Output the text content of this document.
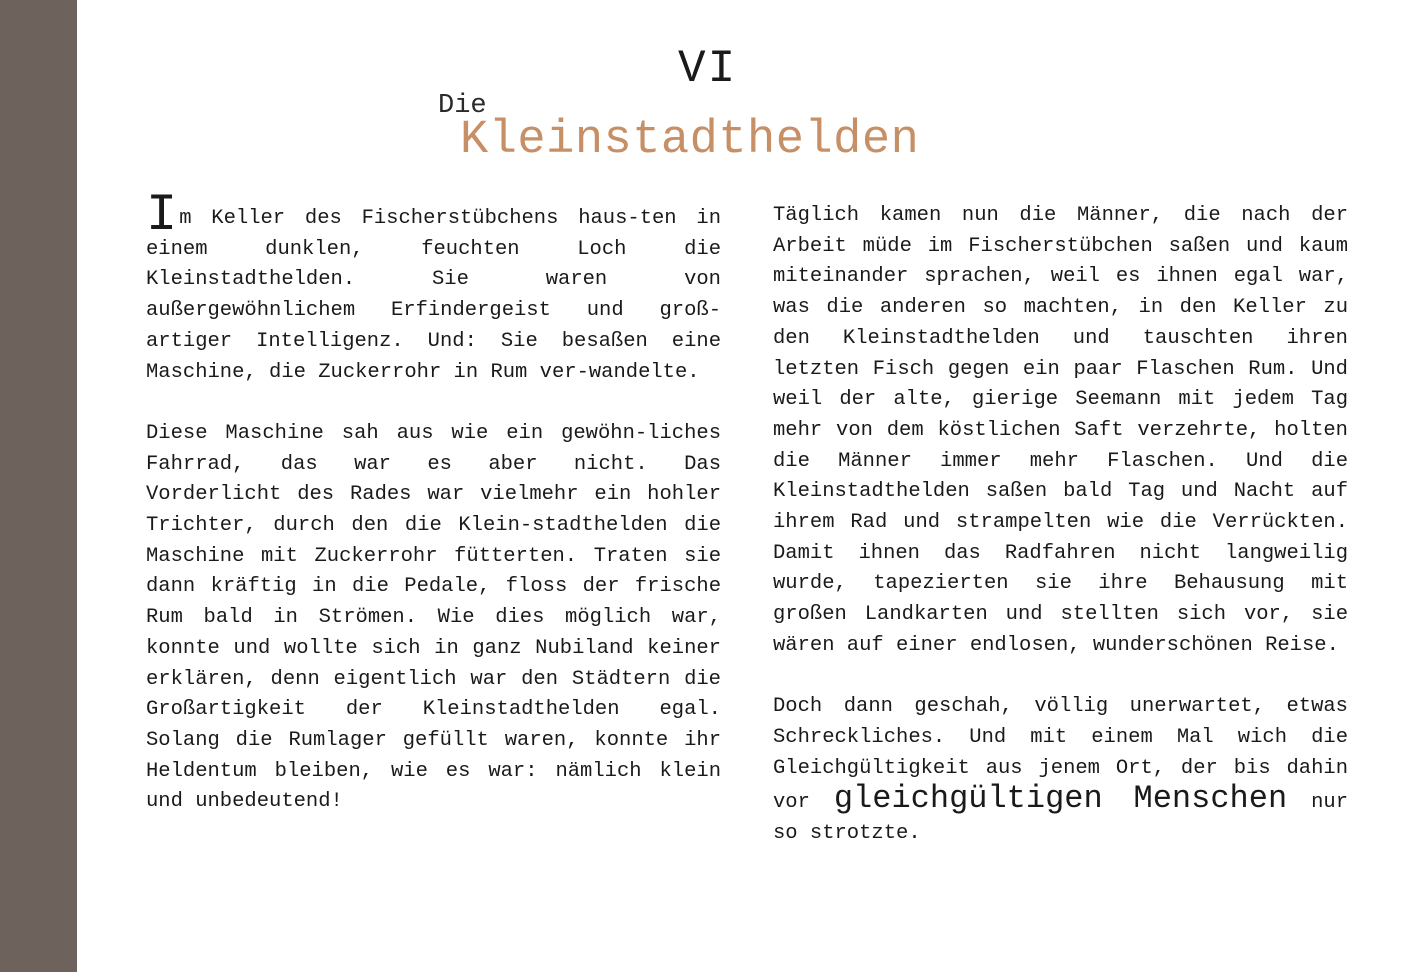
VI
Die
Kleinstadthelden

Im Keller des Fischerstübchens haus-ten in einem dunklen, feuchten Loch die Kleinstadthelden. Sie waren von außergewöhnlichem Erfindergeist und groß-artiger Intelligenz. Und: Sie besaßen eine Maschine, die Zuckerrohr in Rum ver-wandelte.

Diese Maschine sah aus wie ein gewöhn-liches Fahrrad, das war es aber nicht. Das Vorderlicht des Rades war vielmehr ein hohler Trichter, durch den die Klein-stadthelden die Maschine mit Zuckerrohr fütterten. Traten sie dann kräftig in die Pedale, floss der frische Rum bald in Strömen. Wie dies möglich war, konnte und wollte sich in ganz Nubiland keiner erklären, denn eigentlich war den Städtern die Großartigkeit der Kleinstadthelden egal. Solang die Rumlager gefüllt waren, konnte ihr Heldentum bleiben, wie es war: nämlich klein und unbedeutend!

Täglich kamen nun die Männer, die nach der Arbeit müde im Fischerstübchen saßen und kaum miteinander sprachen, weil es ihnen egal war, was die anderen so machten, in den Keller zu den Kleinstadthelden und tauschten ihren letzten Fisch gegen ein paar Flaschen Rum. Und weil der alte, gierige Seemann mit jedem Tag mehr von dem köstlichen Saft verzehrte, holten die Männer immer mehr Flaschen. Und die Kleinstadthelden saßen bald Tag und Nacht auf ihrem Rad und strampelten wie die Verrückten. Damit ihnen das Radfahren nicht langweilig wurde, tapezierten sie ihre Behausung mit großen Landkarten und stellten sich vor, sie wären auf einer endlosen, wunderschönen Reise.

Doch dann geschah, völlig unerwartet, etwas Schreckliches. Und mit einem Mal wich die Gleichgültigkeit aus jenem Ort, der bis dahin vor gleichgültigen Menschen nur so strotzte.
